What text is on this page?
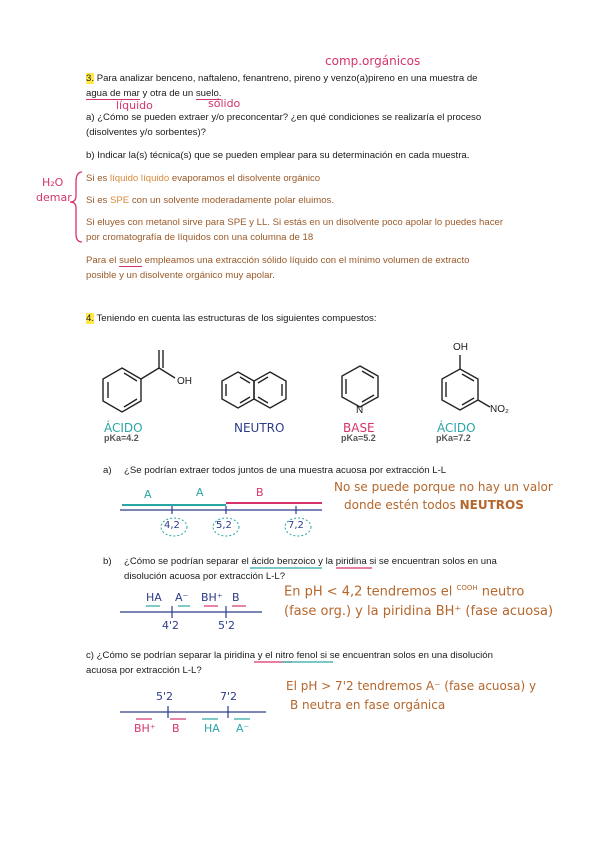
comp.orgánicos
líquido	sólido
H₂O
demar
3. Para analizar benceno, naftaleno, fenantreno, pireno y venzo(a)pireno en una muestra de
agua de mar y otra de un suelo.
a) ¿Cómo se pueden extraer y/o preconcentar? ¿en qué condiciones se realizaría el proceso
(disolventes y/o sorbentes)?
b) Indicar la(s) técnica(s) que se pueden emplear para su determinación en cada muestra.
Si es líquido líquido evaporamos el disolvente orgánico
Si es SPE con un solvente moderadamente polar eluimos.
Si eluyes con metanol sirve para SPE y LL. Si estás en un disolvente poco apolar lo puedes hacer
por cromatografía de líquidos con una columna de 18
Para el suelo empleamos una extracción sólido líquido con el mínimo volumen de extracto
posible y un disolvente orgánico muy apolar.
4. Teniendo en cuenta las estructuras de los siguientes compuestos:
OH
OH
N	NO₂
ÁCIDO
pKa=4.2
NEUTRO	BASE
pKa=5.2
ÁCIDO
pKa=7.2
a) ¿Se podrían extraer todos juntos de una muestra acuosa por extracción L-L
A	A	B
4,2	5,2	7,2
No se puede porque no hay un valor
donde estén todos NEUTROS
b) ¿Cómo se podrían separar el ácido benzoico y la piridina si se encuentran solos en una
disolución acuosa por extracción L-L?
HA A⁻ BH⁺ B
4'2	5'2
En pH < 4,2 tendremos el $^{COOH}$ neutro
(fase org.) y la piridina BH⁺ (fase acuosa)
c) ¿Cómo se podrían separar la piridina y el nitro fenol si se encuentran solos en una disolución
acuosa por extracción L-L?
5'2	7'2
BH⁺ B HA A⁻
El pH > 7'2 tendremos A⁻ (fase acuosa) y
B neutra en fase orgánica
